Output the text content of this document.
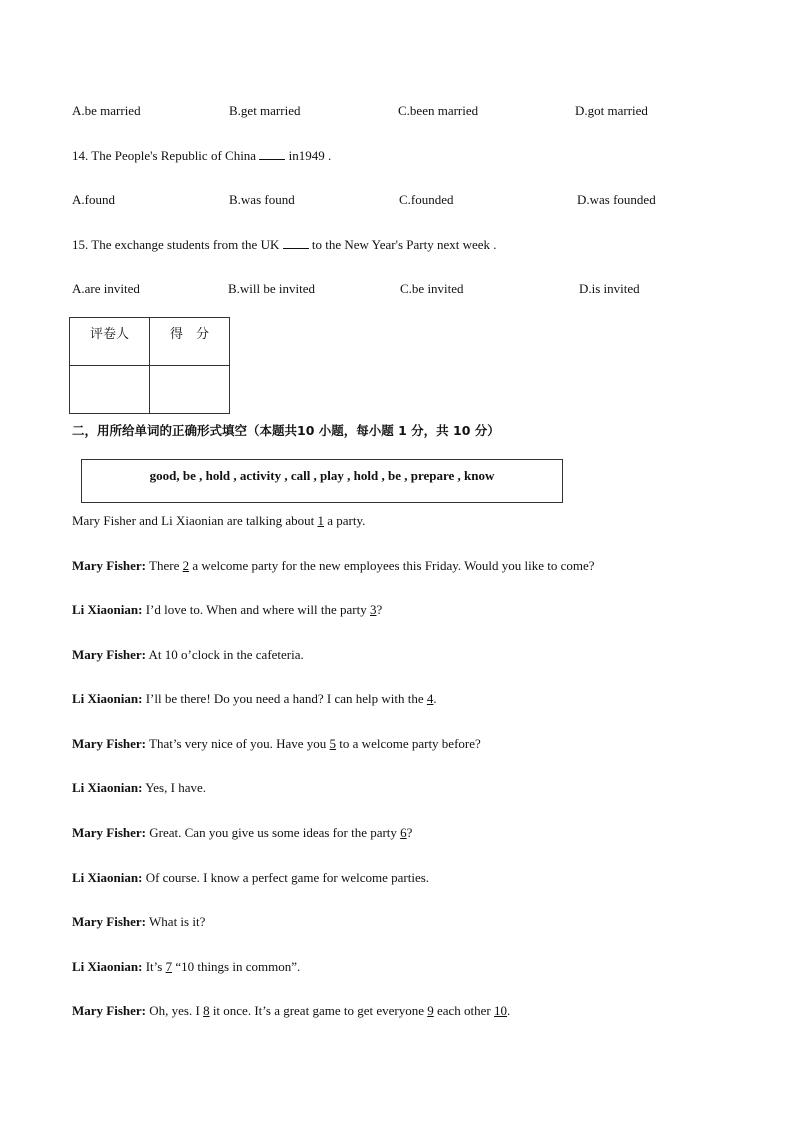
A.be married	B.get married	C.been married	D.got married
14. The People's Republic of China	in1949 .
A.found	B.was found	C.founded	D.was founded
15. The exchange students from the UK	to the New Year's Party next week .
A.are invited	B.will be invited	C.be invited	D.is invited
评卷人	得　分

二，用所给单词的正确形式填空（本题共10 小题，每小题 1 分，共 10 分）
good, be , hold , activity , call , play , hold , be , prepare , know
Mary Fisher and Li Xiaonian are talking about 1 a party.
Mary Fisher: There 2 a welcome party for the new employees this Friday. Would you like to come?
Li Xiaonian: I’d love to. When and where will the party 3?
Mary Fisher: At 10 o’clock in the cafeteria.
Li Xiaonian: I’ll be there! Do you need a hand? I can help with the 4.
Mary Fisher: That’s very nice of you. Have you 5 to a welcome party before?
Li Xiaonian: Yes, I have.
Mary Fisher: Great. Can you give us some ideas for the party 6?
Li Xiaonian: Of course. I know a perfect game for welcome parties.
Mary Fisher: What is it?
Li Xiaonian: It’s 7 “10 things in common”.
Mary Fisher: Oh, yes. I 8 it once. It’s a great game to get everyone 9 each other 10.
